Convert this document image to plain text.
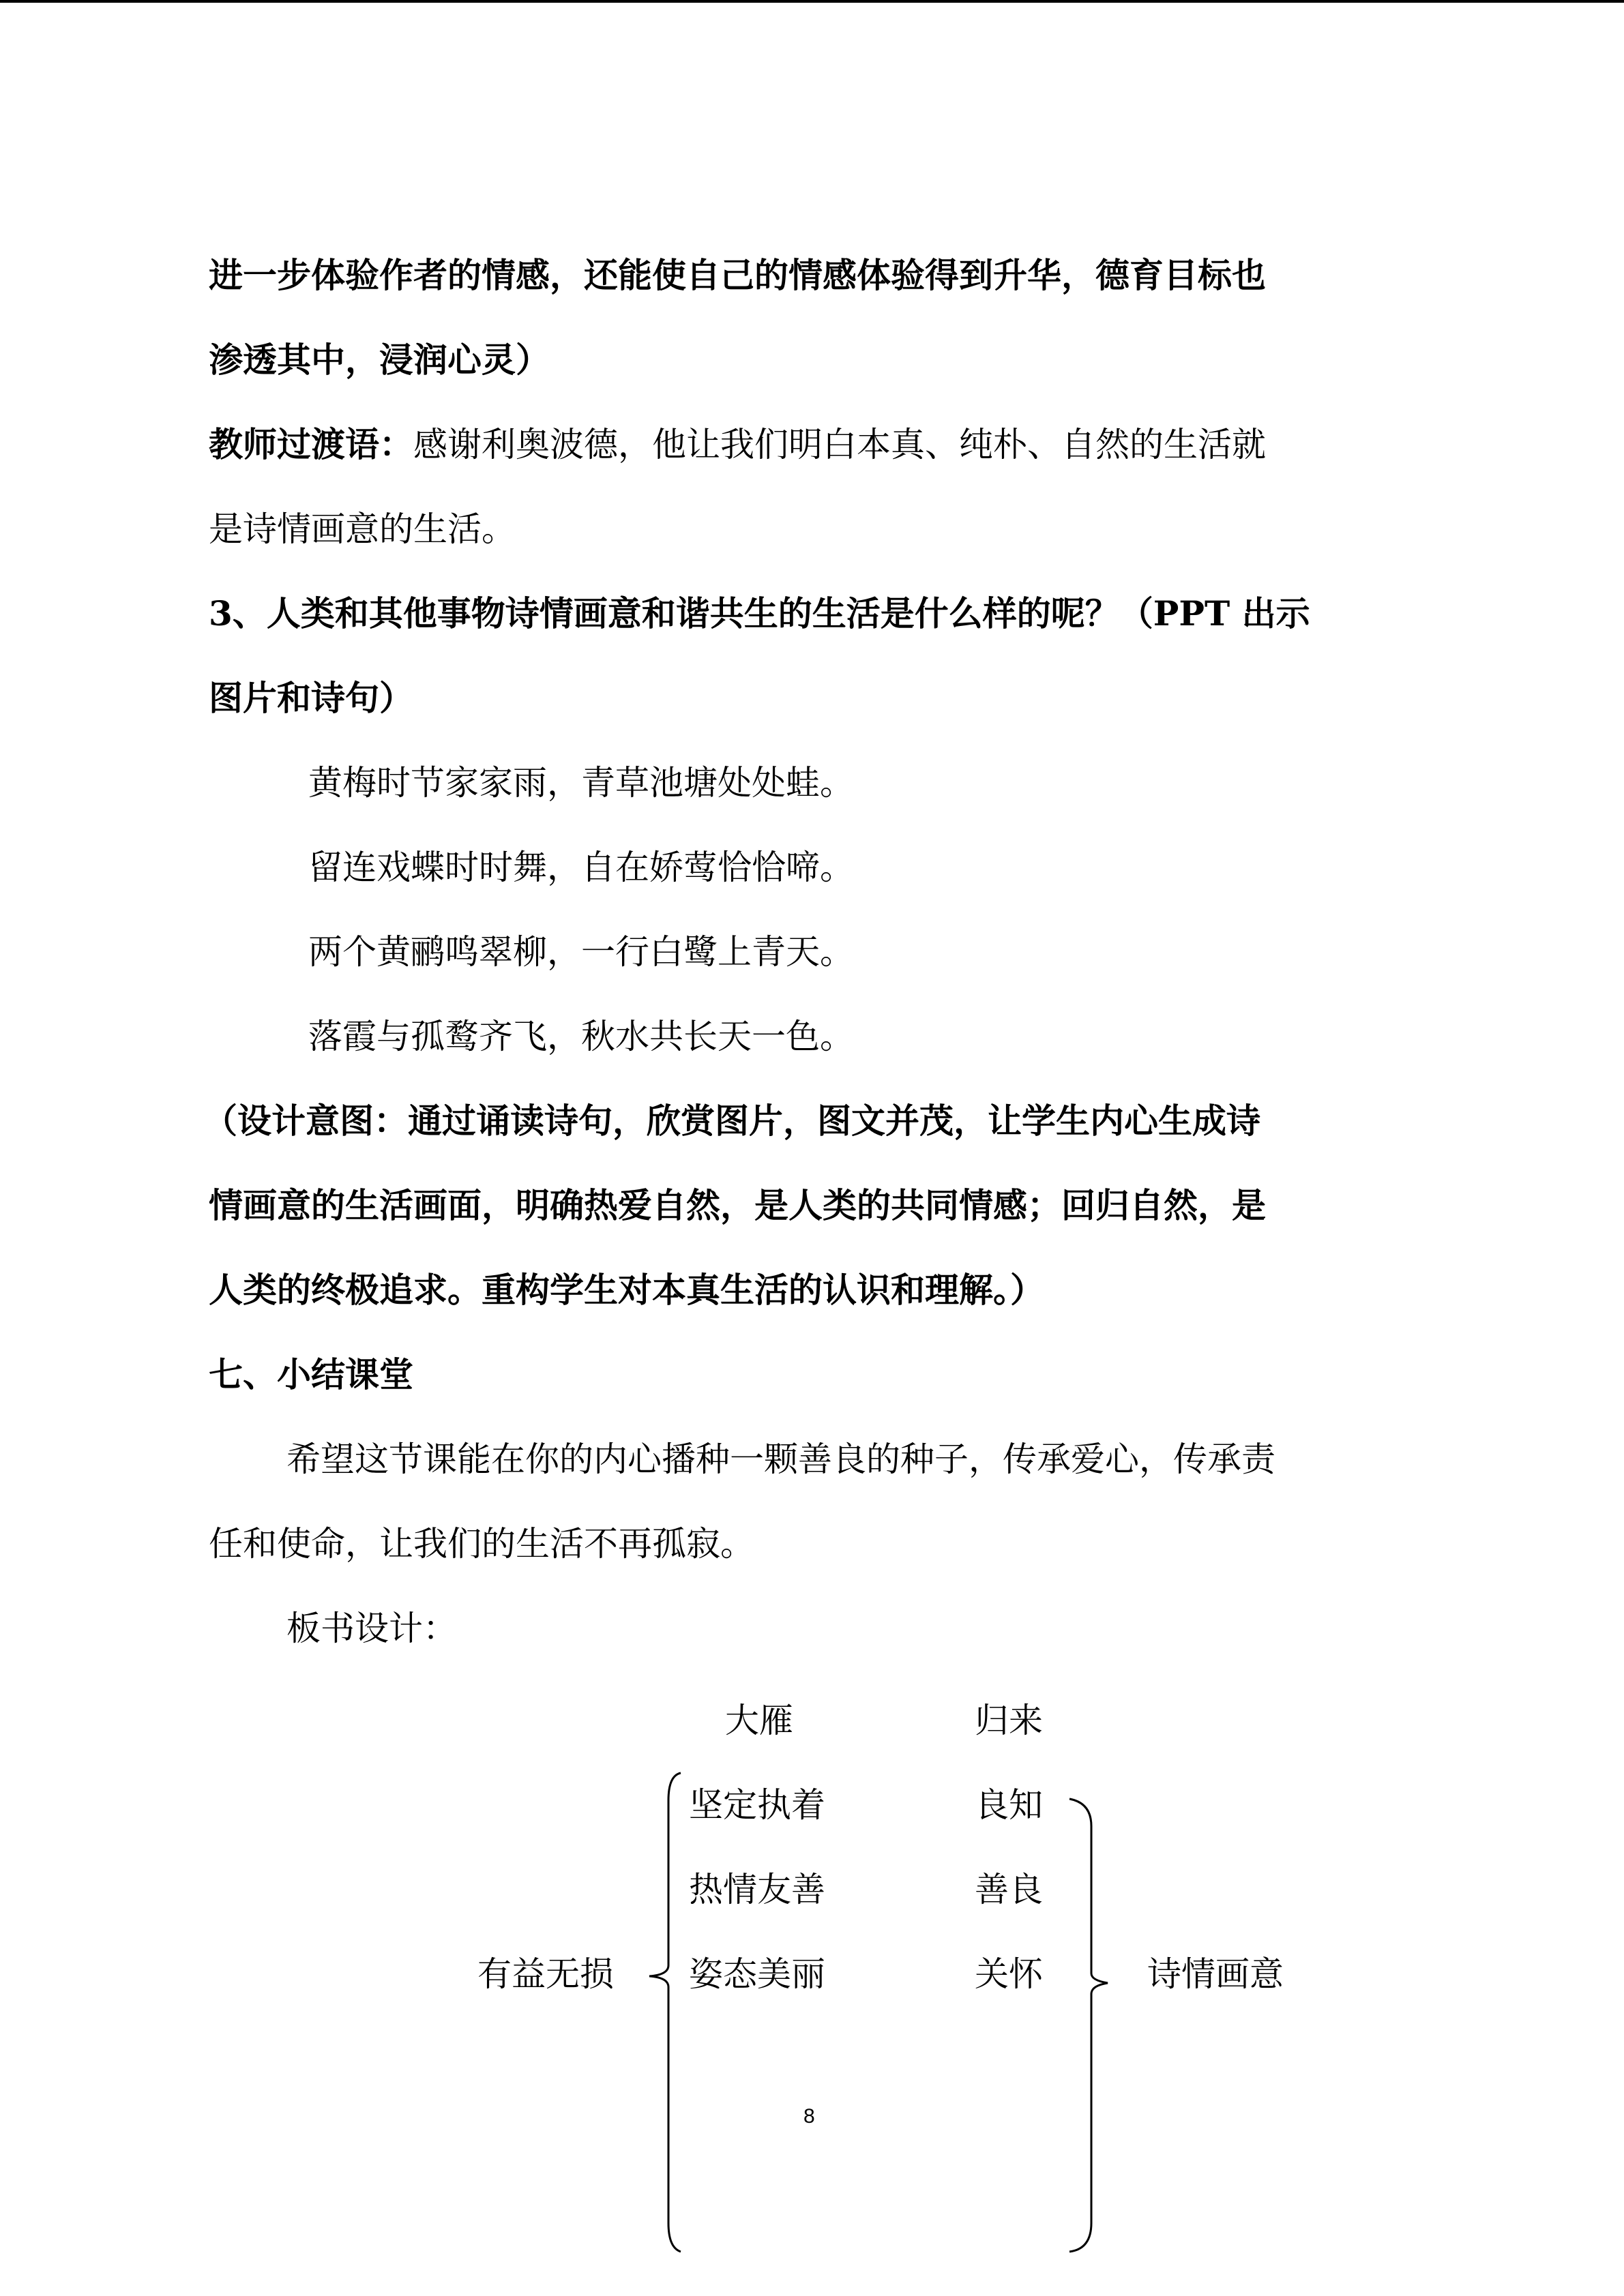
进一步体验作者的情感，还能使自己的情感体验得到升华，德育目标也
渗透其中，浸润心灵）
教师过渡语：感谢利奥波德，他让我们明白本真、纯朴、自然的生活就
是诗情画意的生活。
3、人类和其他事物诗情画意和谐共生的生活是什么样的呢？（PPT 出示
图片和诗句）
黄梅时节家家雨，青草池塘处处蛙。
留连戏蝶时时舞，自在娇莺恰恰啼。
两个黄鹂鸣翠柳，一行白鹭上青天。
落霞与孤鹜齐飞，秋水共长天一色。
（设计意图：通过诵读诗句，欣赏图片，图文并茂，让学生内心生成诗
情画意的生活画面，明确热爱自然，是人类的共同情感；回归自然，是
人类的终极追求。重构学生对本真生活的认识和理解。）
七、小结课堂
希望这节课能在你的内心播种一颗善良的种子，传承爱心，传承责
任和使命，让我们的生活不再孤寂。
板书设计：
大雁	归来
坚定执着
热情友善
姿态美丽
良知
善良
关怀
有益无损	诗情画意
8
